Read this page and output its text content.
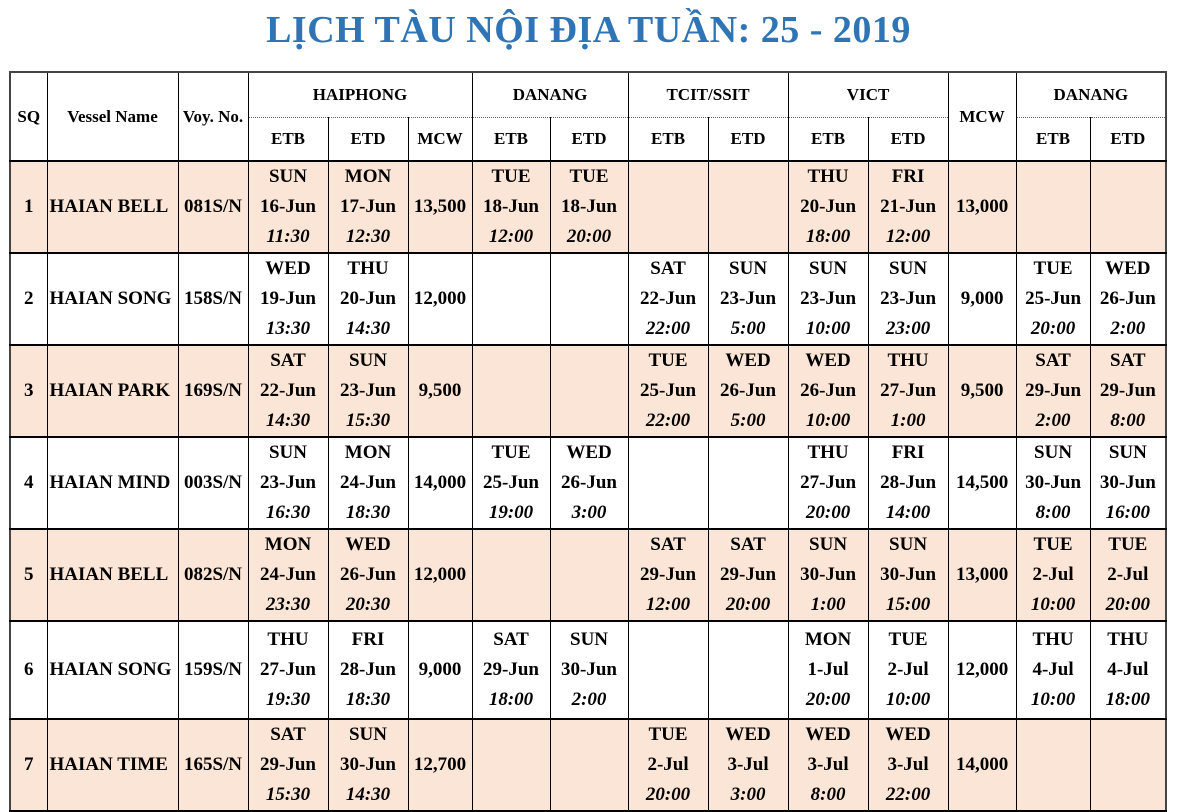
LỊCH TÀU NỘI ĐỊA TUẦN: 25 - 2019
SQ	Vessel Name	Voy. No.	HAIPHONG			DANANG		TCIT/SSIT		VICT		MCW	DANANG	
			ETB	ETD	MCW	ETB	ETD	ETB	ETD	ETB	ETD		ETB	ETD
1	HAIAN BELL	081S/N	SUN
16-Jun
11:30	MON
17-Jun
12:30	13,500	TUE
18-Jun
12:00	TUE
18-Jun
20:00			THU
20-Jun
18:00	FRI
21-Jun
12:00	13,000	

2	HAIAN SONG	158S/N	WED
19-Jun
13:30	THU
20-Jun
14:30	12,000			SAT
22-Jun
22:00	SUN
23-Jun
5:00	SUN
23-Jun
10:00	SUN
23-Jun
23:00	9,000	TUE
25-Jun
20:00	WED
26-Jun
2:00

3	HAIAN PARK	169S/N	SAT
22-Jun
14:30	SUN
23-Jun
15:30	9,500			TUE
25-Jun
22:00	WED
26-Jun
5:00	WED
26-Jun
10:00	THU
27-Jun
1:00	9,500	SAT
29-Jun
2:00	SAT
29-Jun
8:00

4	HAIAN MIND	003S/N	SUN
23-Jun
16:30	MON
24-Jun
18:30	14,000	TUE
25-Jun
19:00	WED
26-Jun
3:00			THU
27-Jun
20:00	FRI
28-Jun
14:00	14,500	SUN
30-Jun
8:00	SUN
30-Jun
16:00

5	HAIAN BELL	082S/N	MON
24-Jun
23:30	WED
26-Jun
20:30	12,000			SAT
29-Jun
12:00	SAT
29-Jun
20:00	SUN
30-Jun
1:00	SUN
30-Jun
15:00	13,000	TUE
2-Jul
10:00	TUE
2-Jul
20:00

6	HAIAN SONG	159S/N	THU
27-Jun
19:30	FRI
28-Jun
18:30	9,000	SAT
29-Jun
18:00	SUN
30-Jun
2:00			MON
1-Jul
20:00	TUE
2-Jul
10:00	12,000	THU
4-Jul
10:00	THU
4-Jul
18:00

7	HAIAN TIME	165S/N	SAT
29-Jun
15:30	SUN
30-Jun
14:30	12,700			TUE
2-Jul
20:00	WED
3-Jul
3:00	WED
3-Jul
8:00	WED
3-Jul
22:00	14,000	
